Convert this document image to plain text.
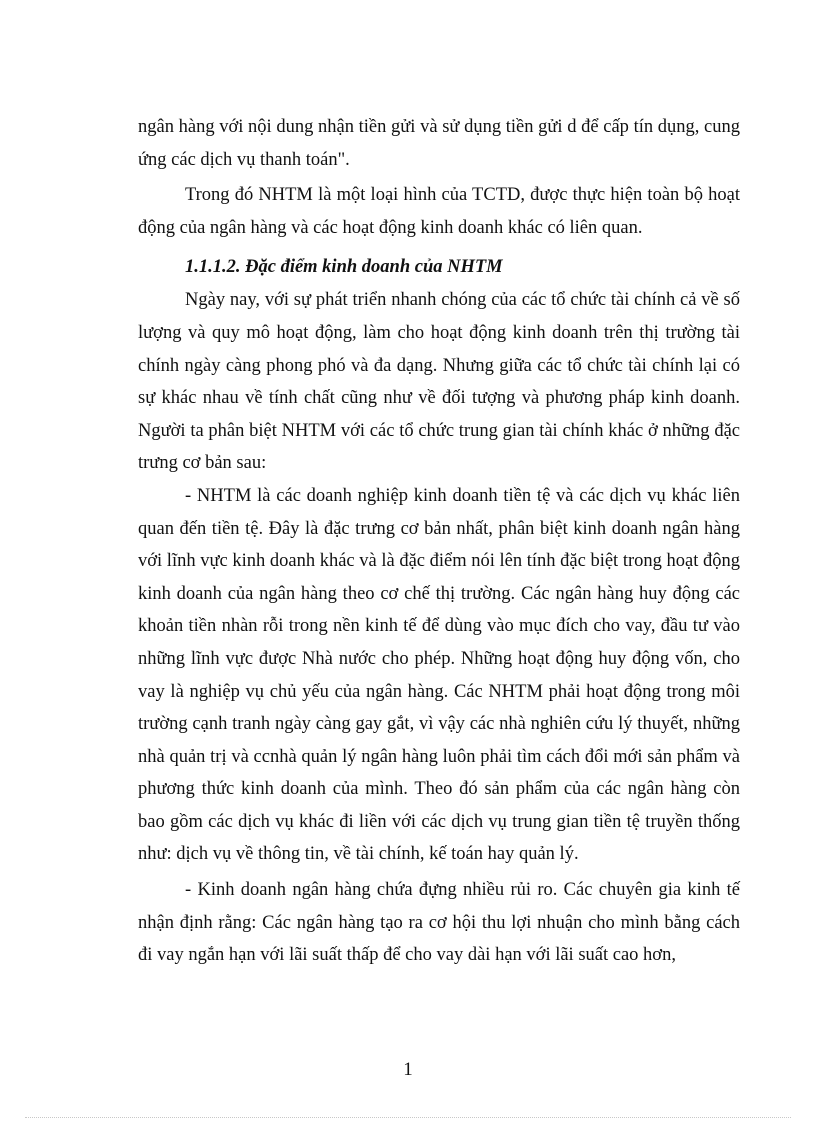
ngân hàng với nội dung nhận tiền gửi và sử dụng tiền gửi d để cấp tín dụng, cung ứng các dịch vụ thanh toán".

Trong đó NHTM là một loại hình của TCTD, được thực hiện toàn bộ hoạt động của ngân hàng và các hoạt động kinh doanh khác có liên quan.

1.1.1.2. Đặc điểm kinh doanh của NHTM

Ngày nay, với sự phát triển nhanh chóng của các tổ chức tài chính cả về số lượng và quy mô hoạt động, làm cho hoạt động kinh doanh trên thị trường tài chính ngày càng phong phó và đa dạng. Nhưng giữa các tổ chức tài chính lại có sự khác nhau về tính chất cũng như về đối tượng và phương pháp kinh doanh. Người ta phân biệt NHTM với các tổ chức trung gian tài chính khác ở những đặc trưng cơ bản sau:

- NHTM là các doanh nghiệp kinh doanh tiền tệ và các dịch vụ khác liên quan đến tiền tệ. Đây là đặc trưng cơ bản nhất, phân biệt kinh doanh ngân hàng với lĩnh vực kinh doanh khác và là đặc điểm nói lên tính đặc biệt trong hoạt động kinh doanh của ngân hàng theo cơ chế thị trường. Các ngân hàng huy động các khoản tiền nhàn rỗi trong nền kinh tế để dùng vào mục đích cho vay, đầu tư vào những lĩnh vực được Nhà nước cho phép. Những hoạt động huy động vốn, cho vay là nghiệp vụ chủ yếu của ngân hàng. Các NHTM phải hoạt động trong môi trường cạnh tranh ngày càng gay gắt, vì vậy các nhà nghiên cứu lý thuyết, những nhà quản trị và ccnhà quản lý ngân hàng luôn phải tìm cách đổi mới sản phẩm và phương thức kinh doanh của mình. Theo đó sản phẩm của các ngân hàng còn bao gồm các dịch vụ khác đi liền với các dịch vụ trung gian tiền tệ truyền thống như: dịch vụ về thông tin, về tài chính, kế toán hay quản lý.

- Kinh doanh ngân hàng chứa đựng nhiều rủi ro. Các chuyên gia kinh tế nhận định rằng: Các ngân hàng tạo ra cơ hội thu lợi nhuận cho mình bằng cách đi vay ngắn hạn với lãi suất thấp để cho vay dài hạn với lãi suất cao hơn,

1
